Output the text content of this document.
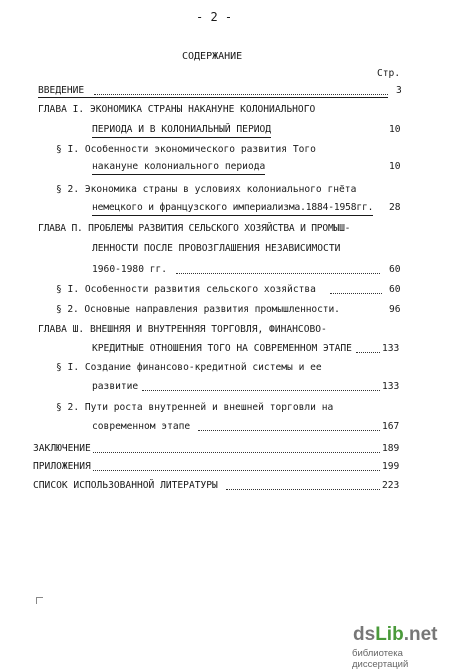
- 2 -
СОДЕРЖАНИЕ
Стр.
ВВЕДЕНИЕ	3
ГЛАВА I. ЭКОНОМИКА СТРАНЫ НАКАНУНЕ КОЛОНИАЛЬНОГО
ПЕРИОДА И В КОЛОНИАЛЬНЫЙ ПЕРИОД	10
§ I. Особенности экономического развития Того
накануне колониального периода	10
§ 2. Экономика страны в условиях колониального гнёта
немецкого и французского империализма.1884-1958гг. 28
ГЛАВА П. ПРОБЛЕМЫ РАЗВИТИЯ СЕЛЬСКОГО ХОЗЯЙСТВА И ПРОМЫШ-
ЛЕННОСТИ ПОСЛЕ ПРОВОЗГЛАШЕНИЯ НЕЗАВИСИМОСТИ
1960-1980 гг.	60
§ I. Особенности развития сельского хозяйства	60
§ 2. Основные направления развития промышленности.	96
ГЛАВА Ш. ВНЕШНЯЯ И ВНУТРЕННЯЯ ТОРГОВЛЯ, ФИНАНСОВО-
КРЕДИТНЫЕ ОТНОШЕНИЯ ТОГО НА СОВРЕМЕННОМ ЭТАПЕ	133
§ I. Создание финансово-кредитной системы и ее
развитие	133
§ 2. Пути роста внутренней и внешней торговли на
современном этапе	167
ЗАКЛЮЧЕНИЕ	189
ПРИЛОЖЕНИЯ	199
СПИСОК ИСПОЛЬЗОВАННОЙ ЛИТЕРАТУРЫ	223
dsLib.net
библиотека диссертаций
